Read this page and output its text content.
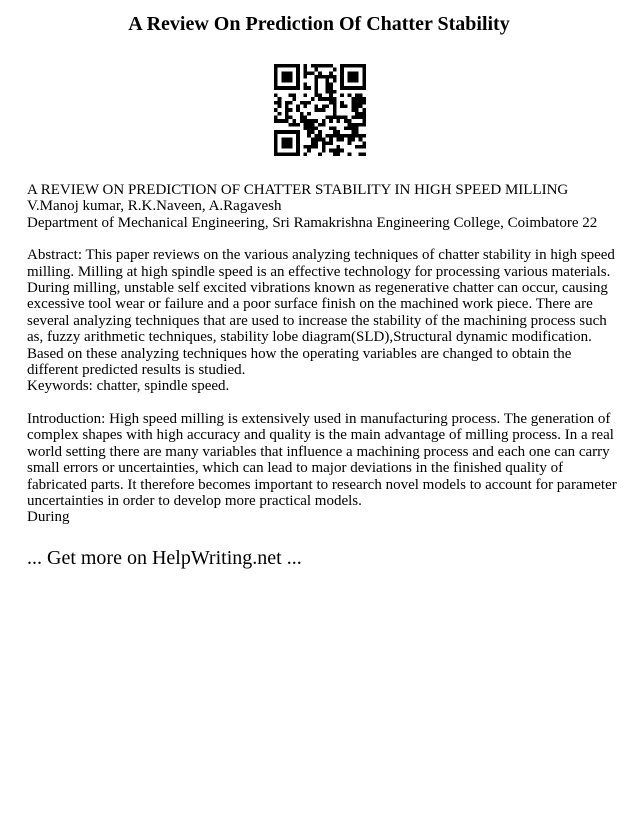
A Review On Prediction Of Chatter Stability

A REVIEW ON PREDICTION OF CHATTER STABILITY IN HIGH SPEED MILLING

V.Manoj kumar, R.K.Naveen, A.Ragavesh

Department of Mechanical Engineering, Sri Ramakrishna Engineering College, Coimbatore 22

Abstract: This paper reviews on the various analyzing techniques of chatter stability in high speed milling. Milling at high spindle speed is an effective technology for processing various materials. During milling, unstable self excited vibrations known as regenerative chatter can occur, causing excessive tool wear or failure and a poor surface finish on the machined work piece. There are several analyzing techniques that are used to increase the stability of the machining process such as, fuzzy arithmetic techniques, stability lobe diagram(SLD),Structural dynamic modification. Based on these analyzing techniques how the operating variables are changed to obtain the different predicted results is studied.

Keywords: chatter, spindle speed.

Introduction: High speed milling is extensively used in manufacturing process. The generation of complex shapes with high accuracy and quality is the main advantage of milling process. In a real world setting there are many variables that influence a machining process and each one can carry small errors or uncertainties, which can lead to major deviations in the finished quality of fabricated parts. It therefore becomes important to research novel models to account for parameter uncertainties in order to develop more practical models.

During

... Get more on HelpWriting.net ...
